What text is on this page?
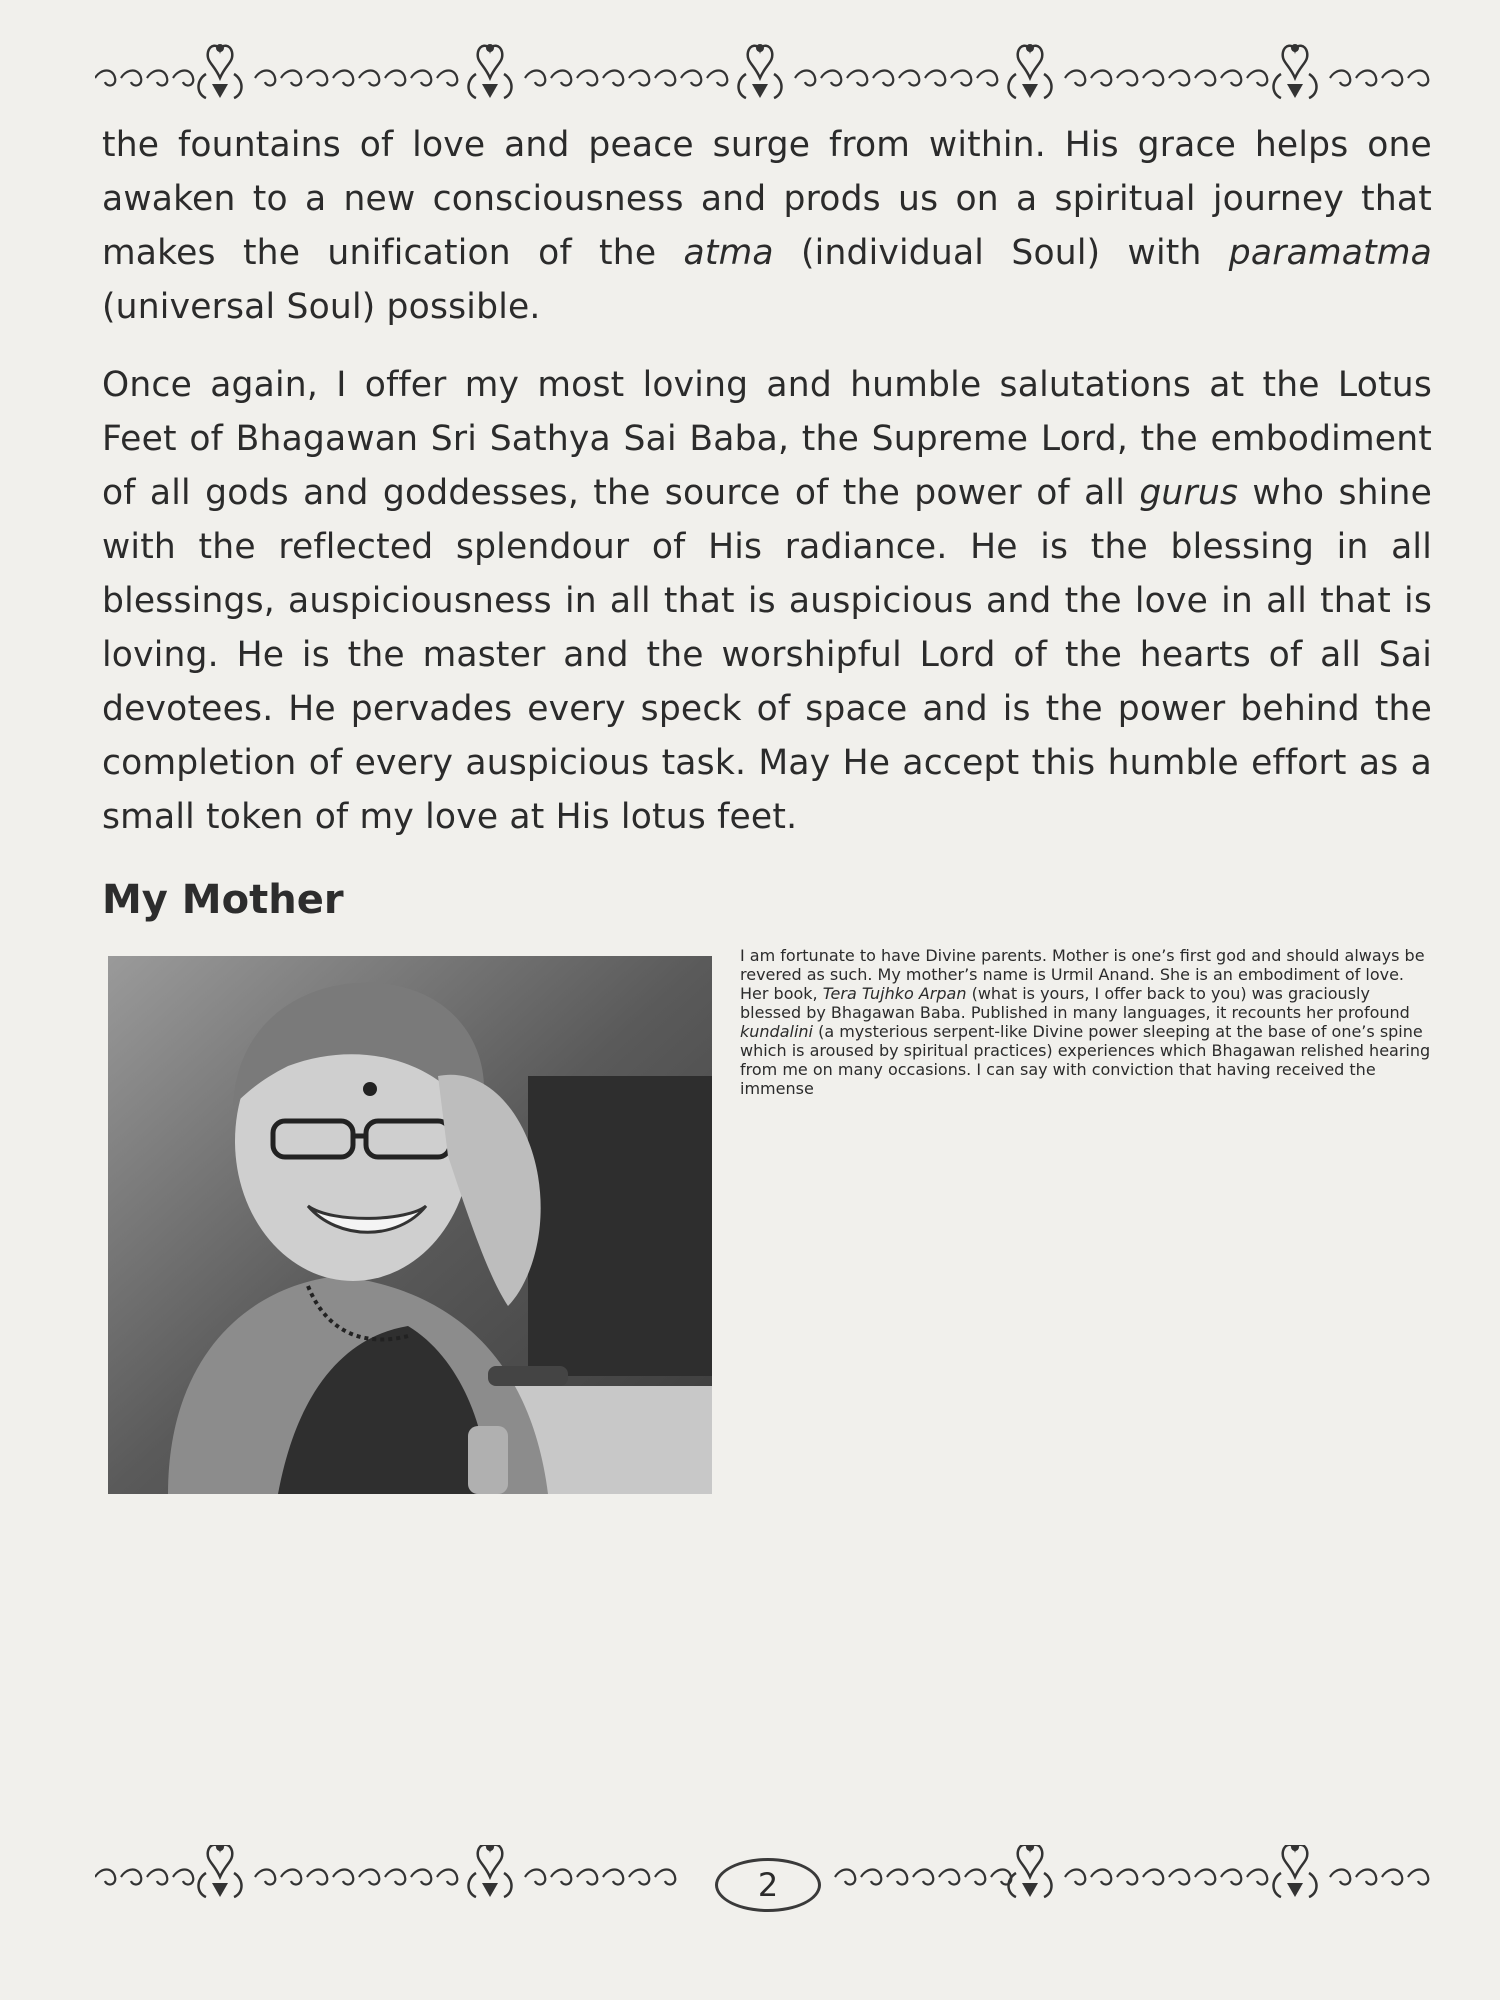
the fountains of love and peace surge from within. His grace helps one awaken to a new consciousness and prods us on a spiritual journey that makes the unification of the atma (individual Soul) with paramatma (universal Soul) possible.

Once again, I offer my most loving and humble salutations at the Lotus Feet of Bhagawan Sri Sathya Sai Baba, the Supreme Lord, the embodiment of all gods and goddesses, the source of the power of all gurus who shine with the reflected splendour of His radiance. He is the blessing in all blessings, auspiciousness in all that is auspicious and the love in all that is loving. He is the master and the worshipful Lord of the hearts of all Sai devotees. He pervades every speck of space and is the power behind the completion of every auspicious task. May He accept this humble effort as a small token of my love at His lotus feet.

My Mother

I am fortunate to have Divine parents. Mother is one’s first god and should always be revered as such. My mother’s name is Urmil Anand. She is an embodiment of love. Her book, Tera Tujhko Arpan (what is yours, I offer back to you) was graciously blessed by Bhagawan Baba. Published in many languages, it recounts her profound kundalini (a mysterious serpent-like Divine power sleeping at the base of one’s spine which is aroused by spiritual practices) experiences which Bhagawan relished hearing from me on many occasions. I can say with conviction that having received the immense

2
